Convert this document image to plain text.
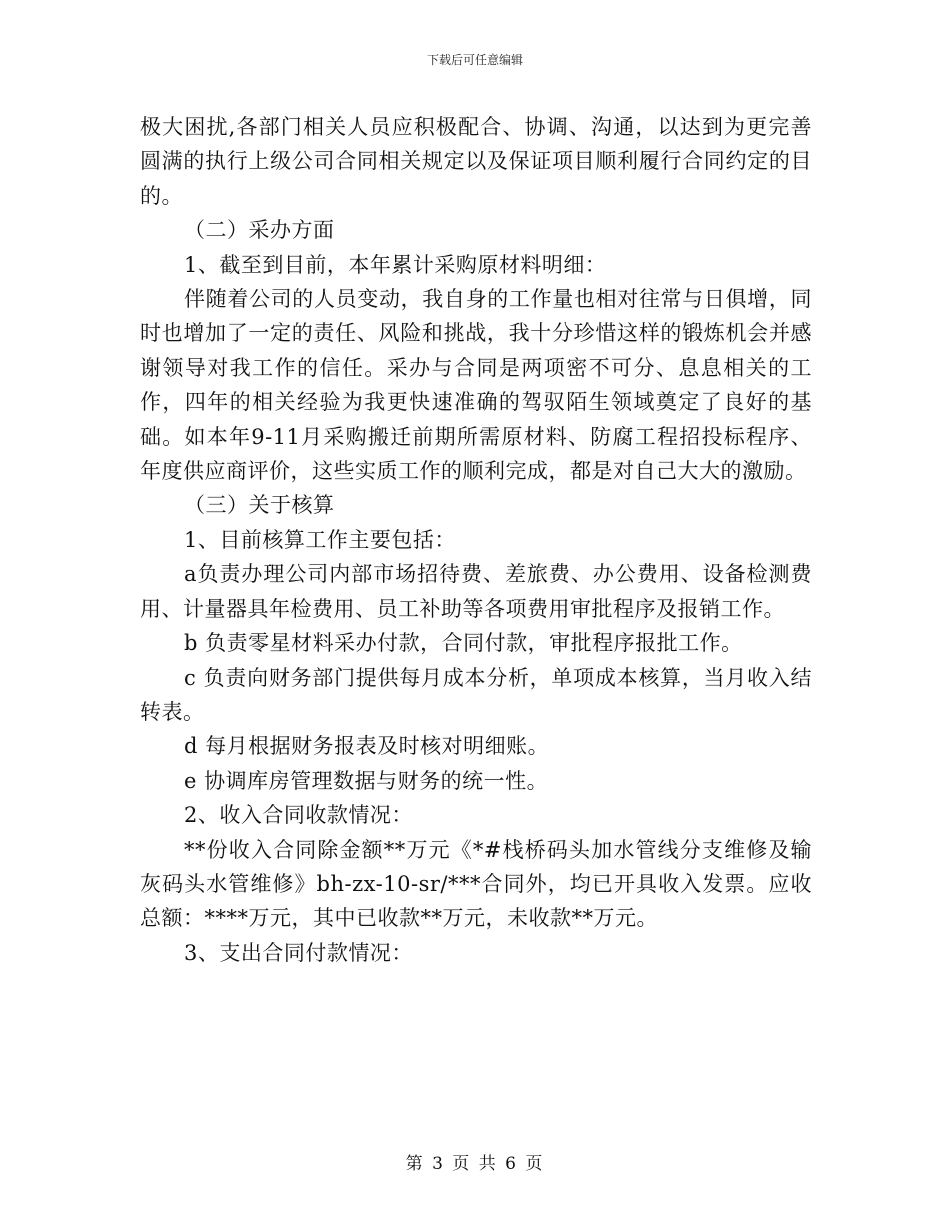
下载后可任意编辑

极大困扰,各部门相关人员应积极配合、协调、沟通，以达到为更完善圆满的执行上级公司合同相关规定以及保证项目顺利履行合同约定的目的。

（二）采办方面

1、截至到目前，本年累计采购原材料明细：

伴随着公司的人员变动，我自身的工作量也相对往常与日俱增，同时也增加了一定的责任、风险和挑战，我十分珍惜这样的锻炼机会并感谢领导对我工作的信任。采办与合同是两项密不可分、息息相关的工作，四年的相关经验为我更快速准确的驾驭陌生领域奠定了良好的基础。如本年9-11月采购搬迁前期所需原材料、防腐工程招投标程序、年度供应商评价，这些实质工作的顺利完成，都是对自己大大的激励。

（三）关于核算

1、目前核算工作主要包括：

a负责办理公司内部市场招待费、差旅费、办公费用、设备检测费用、计量器具年检费用、员工补助等各项费用审批程序及报销工作。

b 负责零星材料采办付款，合同付款，审批程序报批工作。

c 负责向财务部门提供每月成本分析，单项成本核算，当月收入结转表。

d 每月根据财务报表及时核对明细账。

e 协调库房管理数据与财务的统一性。

2、收入合同收款情况：

**份收入合同除金额**万元《*#栈桥码头加水管线分支维修及输灰码头水管维修》bh-zx-10-sr/***合同外，均已开具收入发票。应收总额：****万元，其中已收款**万元，未收款**万元。

3、支出合同付款情况：

第 3 页 共 6 页
